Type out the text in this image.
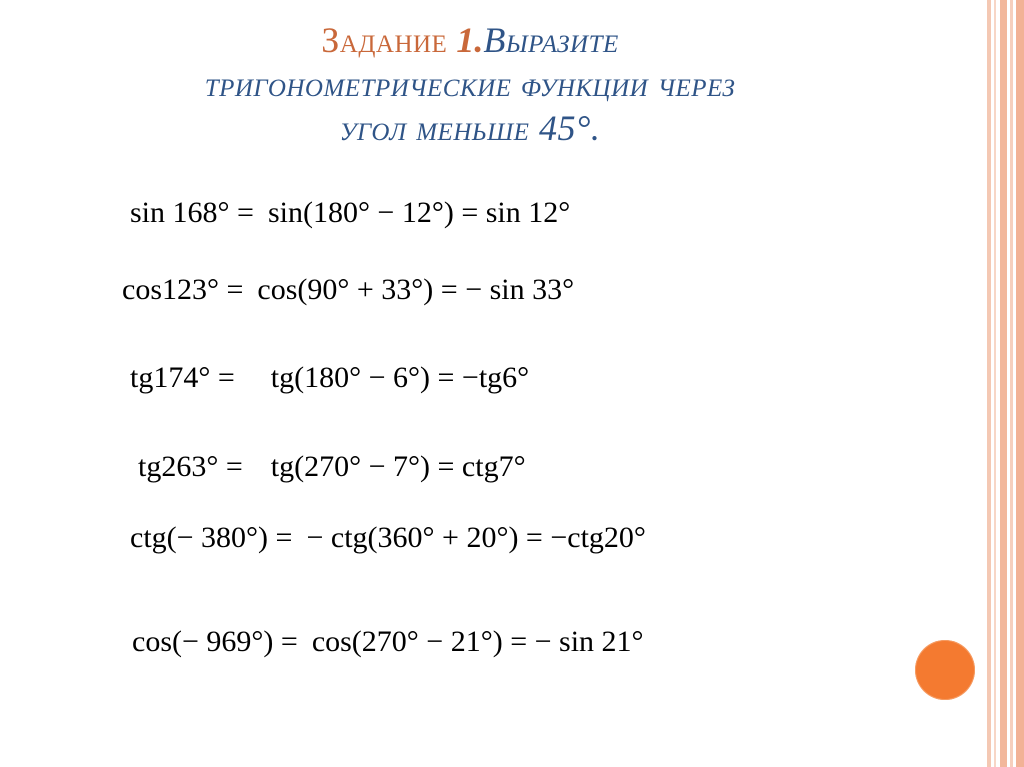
Задание 1.Выразите
тригонометрические функции через
угол меньше 45°.
sin 168° = sin(180° − 12°) = sin 12°
cos123° = cos(90° + 33°) = − sin 33°
tg174° = tg(180° − 6°) = −tg6°
tg263° = tg(270° − 7°) = ctg7°
ctg(− 380°) = − ctg(360° + 20°) = −ctg20°
cos(− 969°) = cos(270° − 21°) = − sin 21°
